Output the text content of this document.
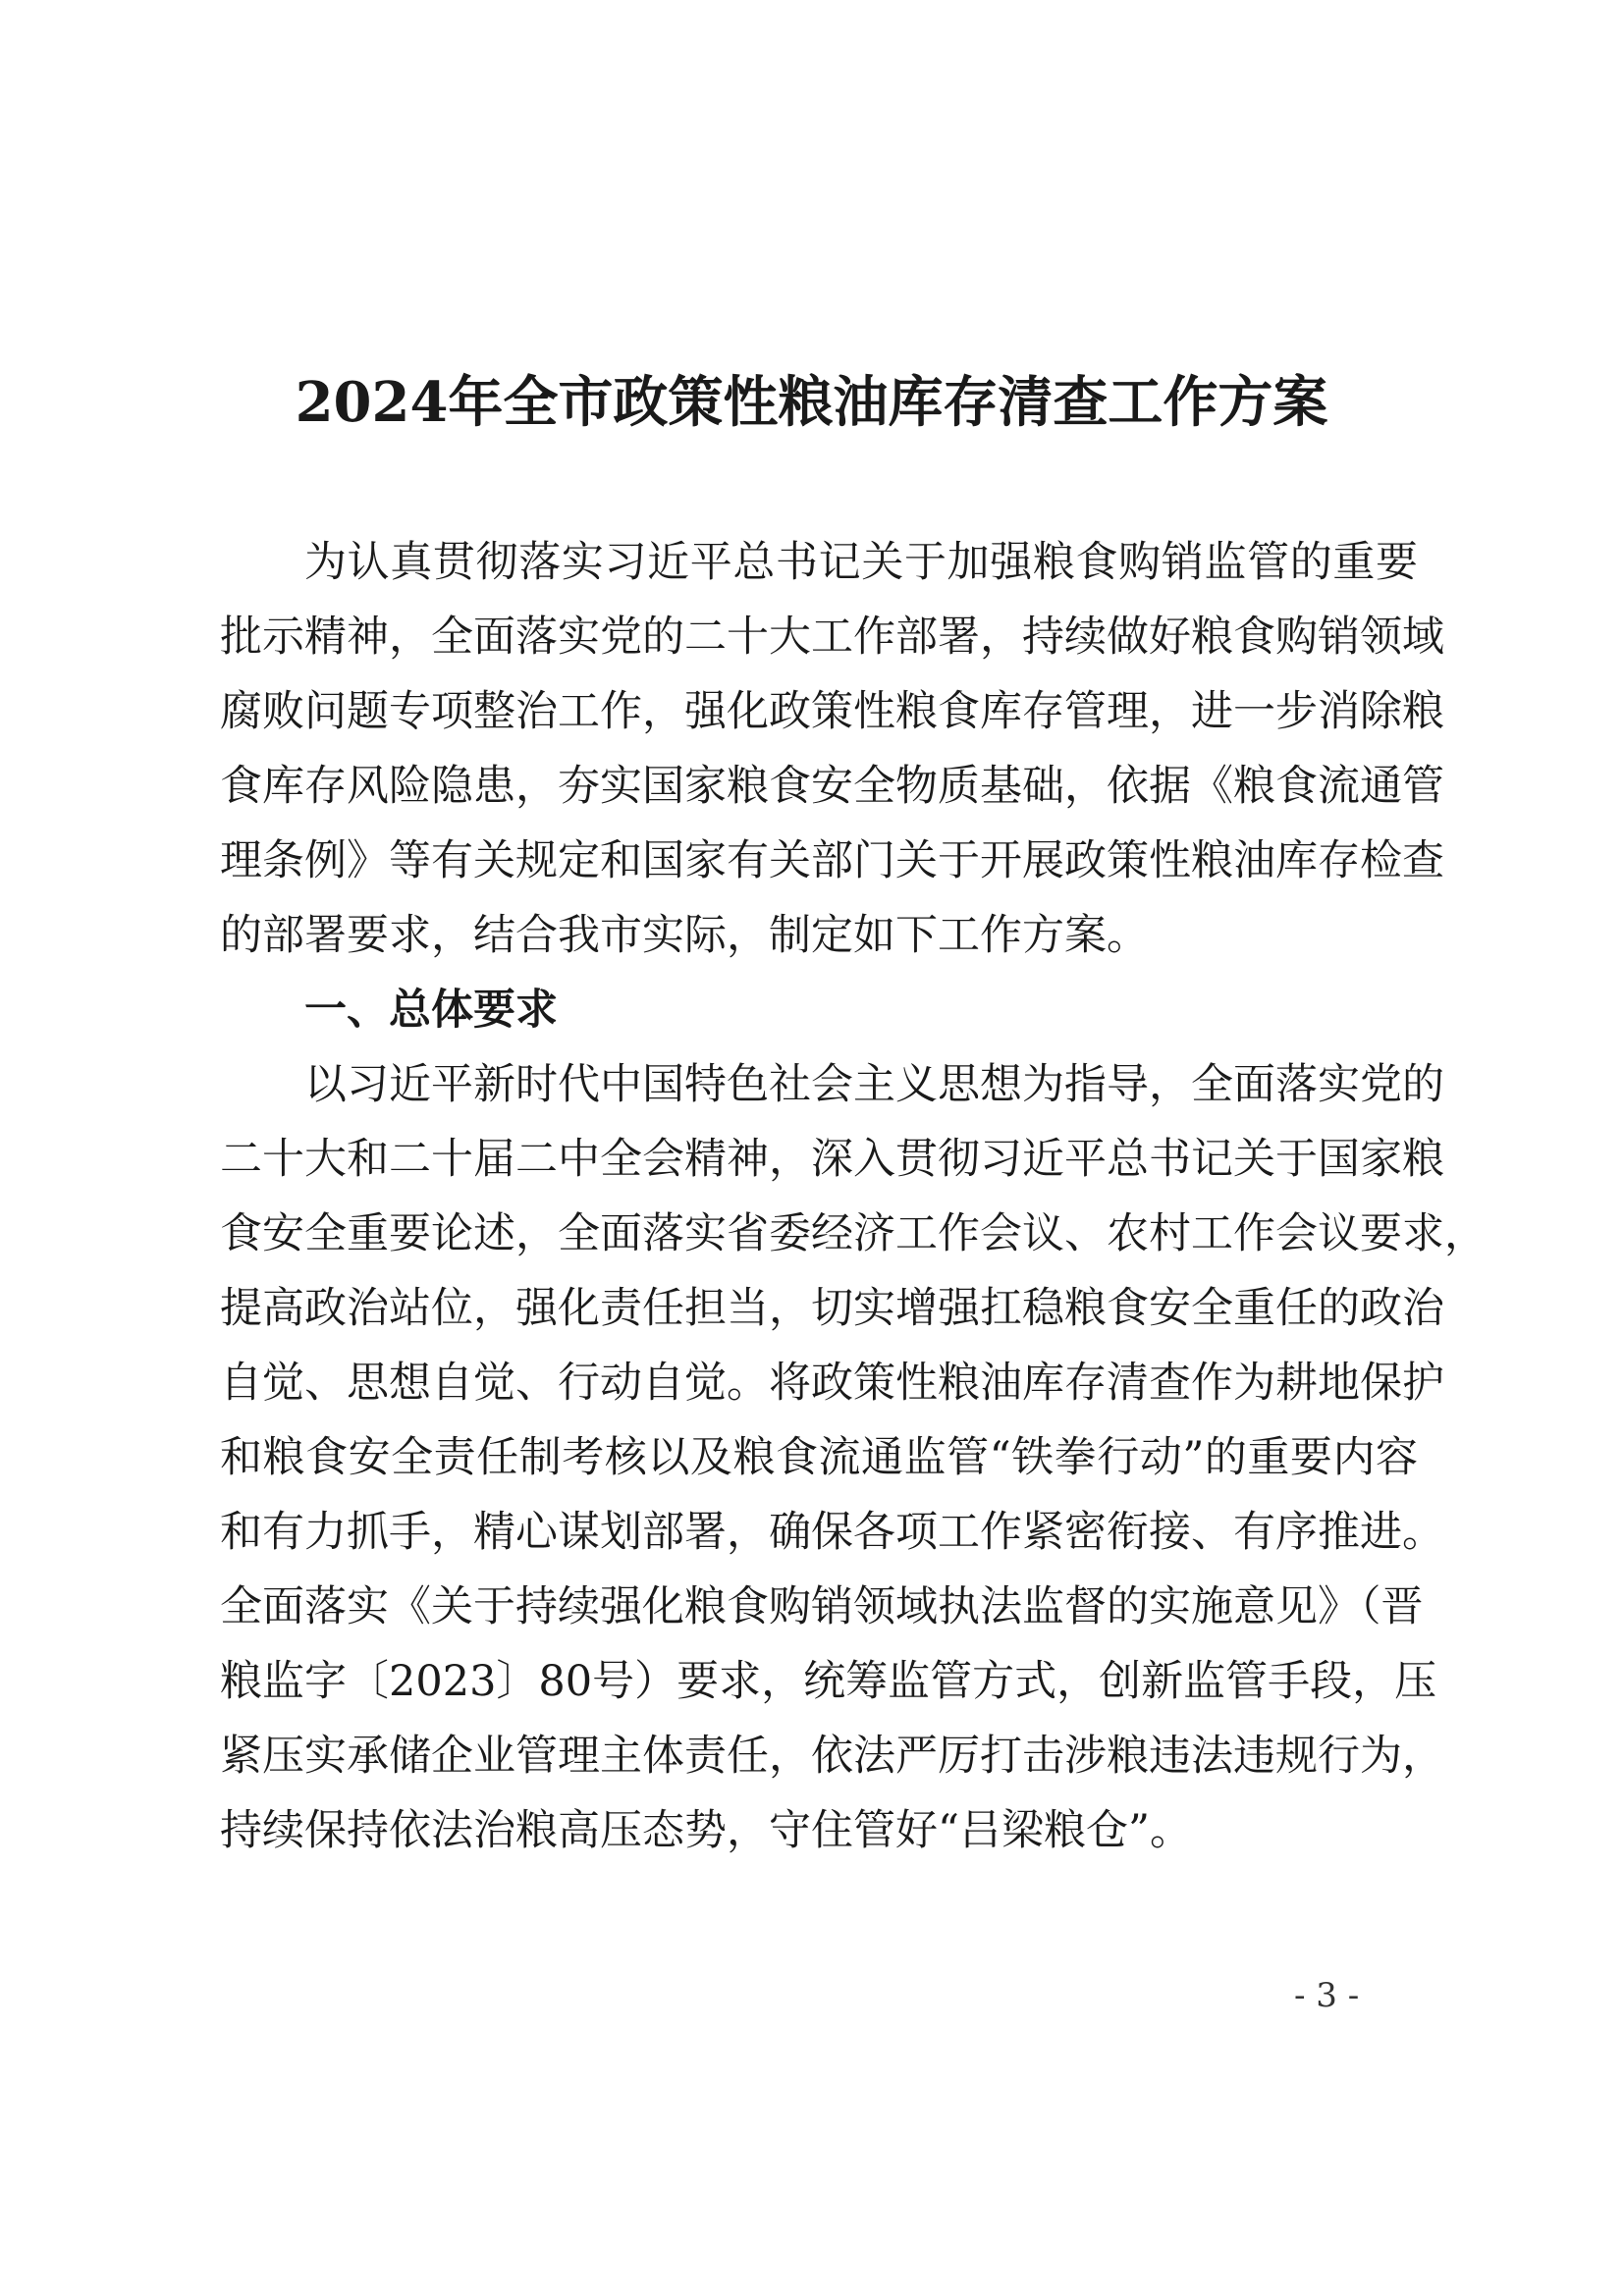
2024年全市政策性粮油库存清查工作方案
为认真贯彻落实习近平总书记关于加强粮食购销监管的重要
批示精神，全面落实党的二十大工作部署，持续做好粮食购销领域
腐败问题专项整治工作，强化政策性粮食库存管理，进一步消除粮
食库存风险隐患，夯实国家粮食安全物质基础，依据《粮食流通管
理条例》等有关规定和国家有关部门关于开展政策性粮油库存检查
的部署要求，结合我市实际，制定如下工作方案。
一、总体要求
以习近平新时代中国特色社会主义思想为指导，全面落实党的
二十大和二十届二中全会精神，深入贯彻习近平总书记关于国家粮
食安全重要论述，全面落实省委经济工作会议、农村工作会议要求，
提高政治站位，强化责任担当，切实增强扛稳粮食安全重任的政治
自觉、思想自觉、行动自觉。将政策性粮油库存清查作为耕地保护
和粮食安全责任制考核以及粮食流通监管“铁拳行动”的重要内容
和有力抓手，精心谋划部署，确保各项工作紧密衔接、有序推进。
全面落实《关于持续强化粮食购销领域执法监督的实施意见》（晋
粮监字〔2023〕80号）要求，统筹监管方式，创新监管手段，压
紧压实承储企业管理主体责任，依法严厉打击涉粮违法违规行为，
持续保持依法治粮高压态势，守住管好“吕梁粮仓”。
- 3 -
